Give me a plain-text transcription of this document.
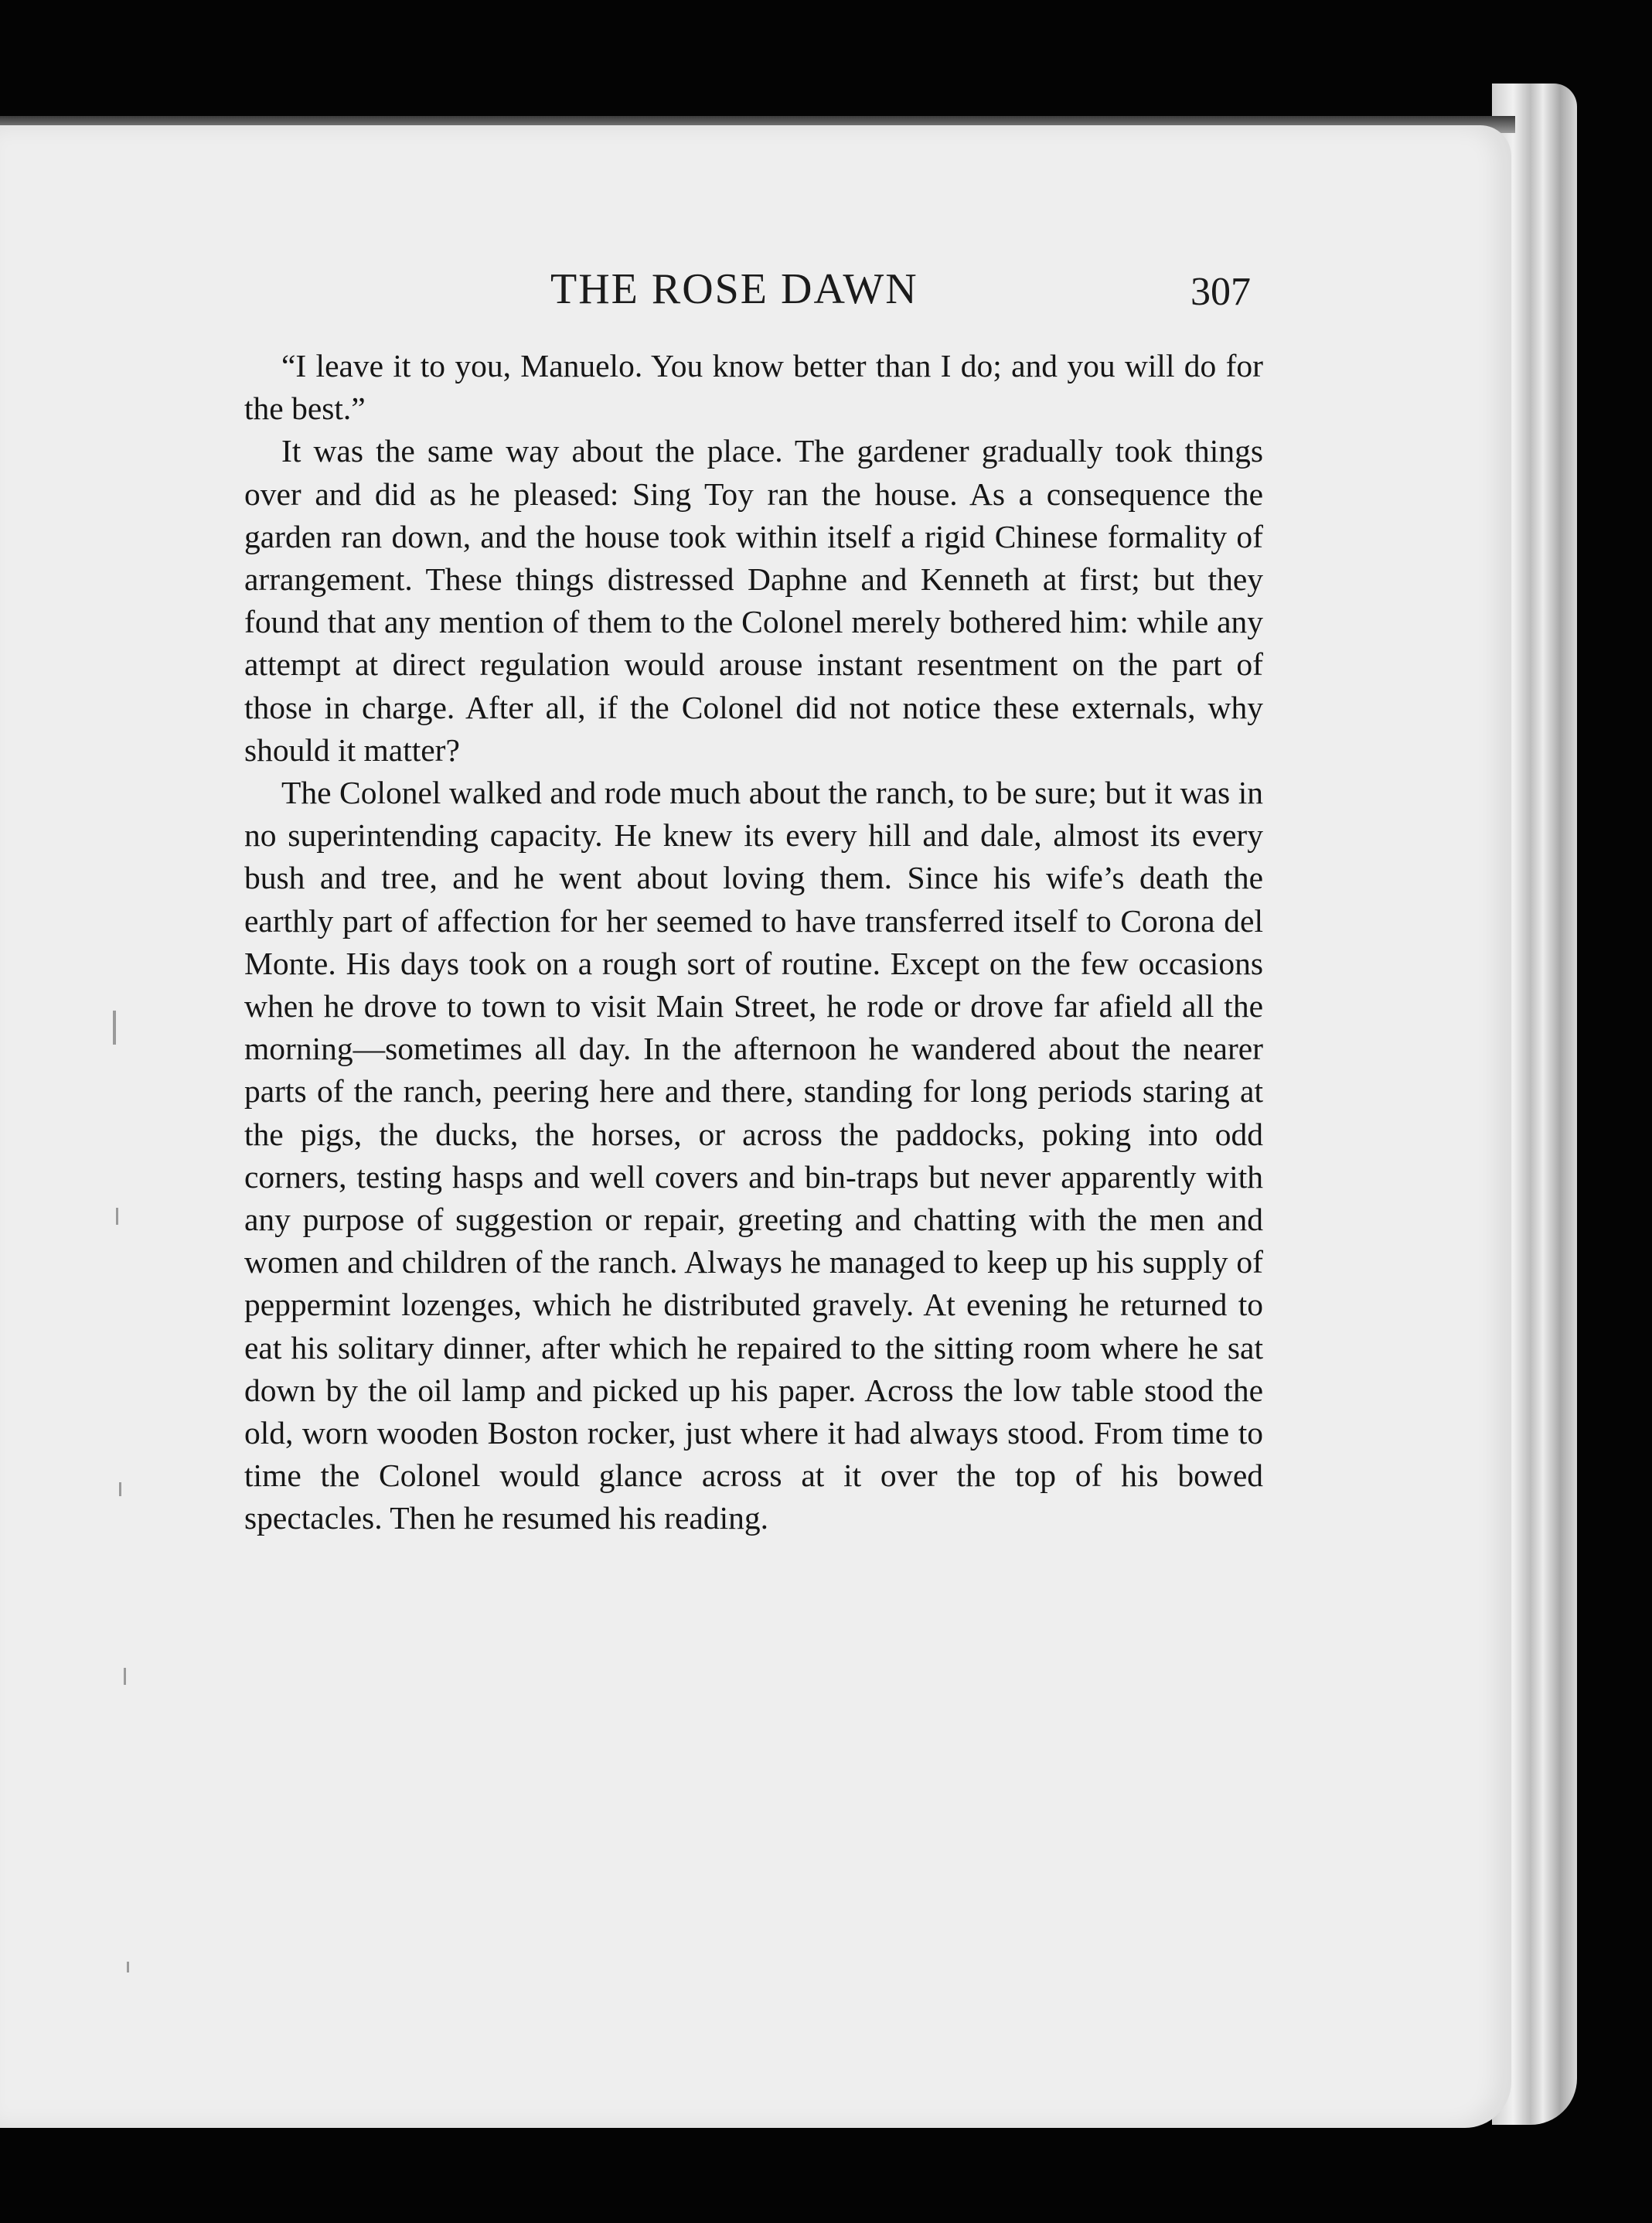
THE ROSE DAWN	307

“I leave it to you, Manuelo. You know better than I do; and you will do for the best.”

It was the same way about the place. The gardener gradually took things over and did as he pleased: Sing Toy ran the house. As a consequence the garden ran down, and the house took within itself a rigid Chinese formality of arrangement. These things distressed Daphne and Kenneth at first; but they found that any mention of them to the Colonel merely bothered him: while any attempt at direct regulation would arouse instant resentment on the part of those in charge. After all, if the Colonel did not notice these externals, why should it matter?

The Colonel walked and rode much about the ranch, to be sure; but it was in no superintending capacity. He knew its every hill and dale, almost its every bush and tree, and he went about loving them. Since his wife’s death the earthly part of affection for her seemed to have transferred itself to Corona del Monte. His days took on a rough sort of routine. Except on the few occasions when he drove to town to visit Main Street, he rode or drove far afield all the morning—sometimes all day. In the afternoon he wandered about the nearer parts of the ranch, peering here and there, standing for long periods staring at the pigs, the ducks, the horses, or across the paddocks, poking into odd corners, testing hasps and well covers and bin-traps but never apparently with any purpose of suggestion or repair, greeting and chatting with the men and women and children of the ranch. Always he managed to keep up his supply of peppermint lozenges, which he distributed gravely. At evening he returned to eat his solitary dinner, after which he repaired to the sitting room where he sat down by the oil lamp and picked up his paper. Across the low table stood the old, worn wooden Boston rocker, just where it had always stood. From time to time the Colonel would glance across at it over the top of his bowed spectacles. Then he resumed his reading.
